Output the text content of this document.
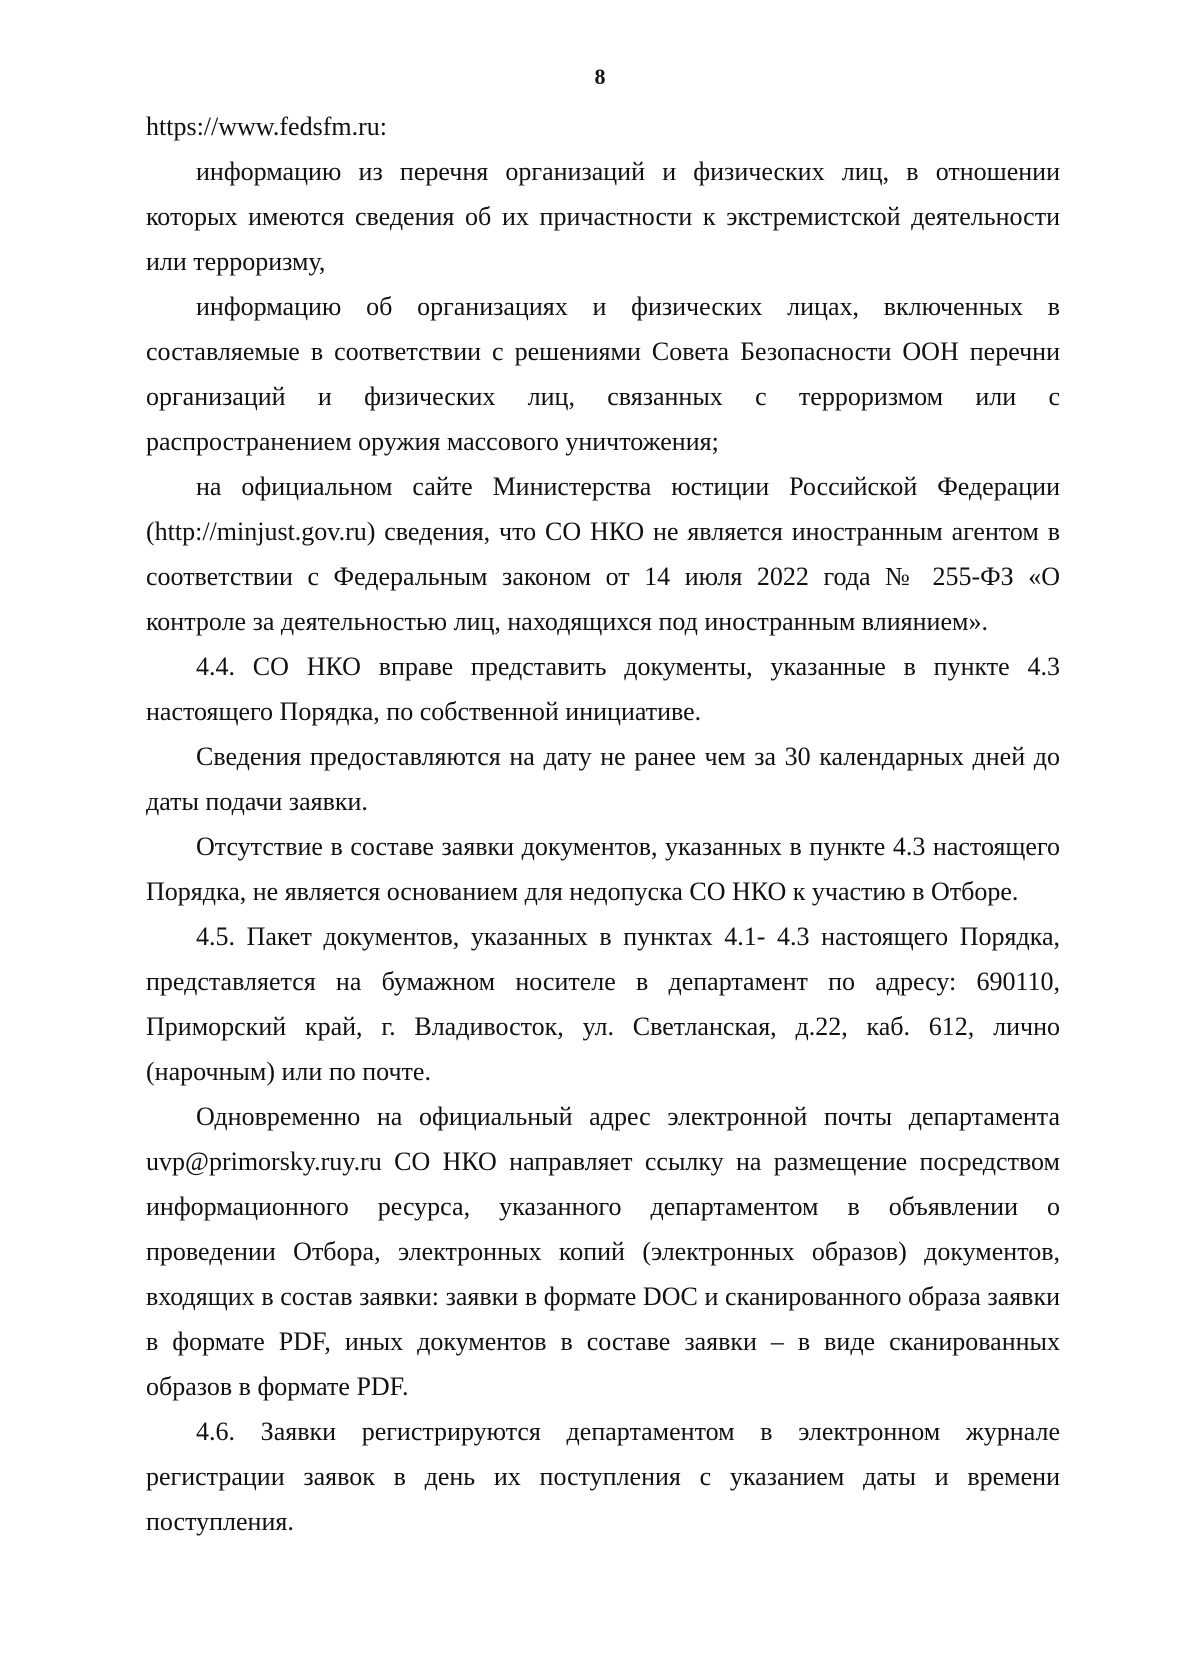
8

https://www.fedsfm.ru:

информацию из перечня организаций и физических лиц, в отношении которых имеются сведения об их причастности к экстремистской деятельности или терроризму,

информацию об организациях и физических лицах, включенных в составляемые в соответствии с решениями Совета Безопасности ООН перечни организаций и физических лиц, связанных с терроризмом или с распространением оружия массового уничтожения;

на официальном сайте Министерства юстиции Российской Федерации (http://minjust.gov.ru) сведения, что СО НКО не является иностранным агентом в соответствии с Федеральным законом от 14 июля 2022 года № 255-ФЗ «О контроле за деятельностью лиц, находящихся под иностранным влиянием».

4.4. СО НКО вправе представить документы, указанные в пункте 4.3 настоящего Порядка, по собственной инициативе.

Сведения предоставляются на дату не ранее чем за 30 календарных дней до даты подачи заявки.

Отсутствие в составе заявки документов, указанных в пункте 4.3 настоящего Порядка, не является основанием для недопуска СО НКО к участию в Отборе.

4.5. Пакет документов, указанных в пунктах 4.1- 4.3 настоящего Порядка, представляется на бумажном носителе в департамент по адресу: 690110, Приморский край, г. Владивосток, ул. Светланская, д.22, каб. 612, лично (нарочным) или по почте.

Одновременно на официальный адрес электронной почты департамента uvp@primorsky.ruy.ru СО НКО направляет ссылку на размещение посредством информационного ресурса, указанного департаментом в объявлении о проведении Отбора, электронных копий (электронных образов) документов, входящих в состав заявки: заявки в формате DOC и сканированного образа заявки в формате PDF, иных документов в составе заявки – в виде сканированных образов в формате PDF.

4.6. Заявки регистрируются департаментом в электронном журнале регистрации заявок в день их поступления с указанием даты и времени поступления.
